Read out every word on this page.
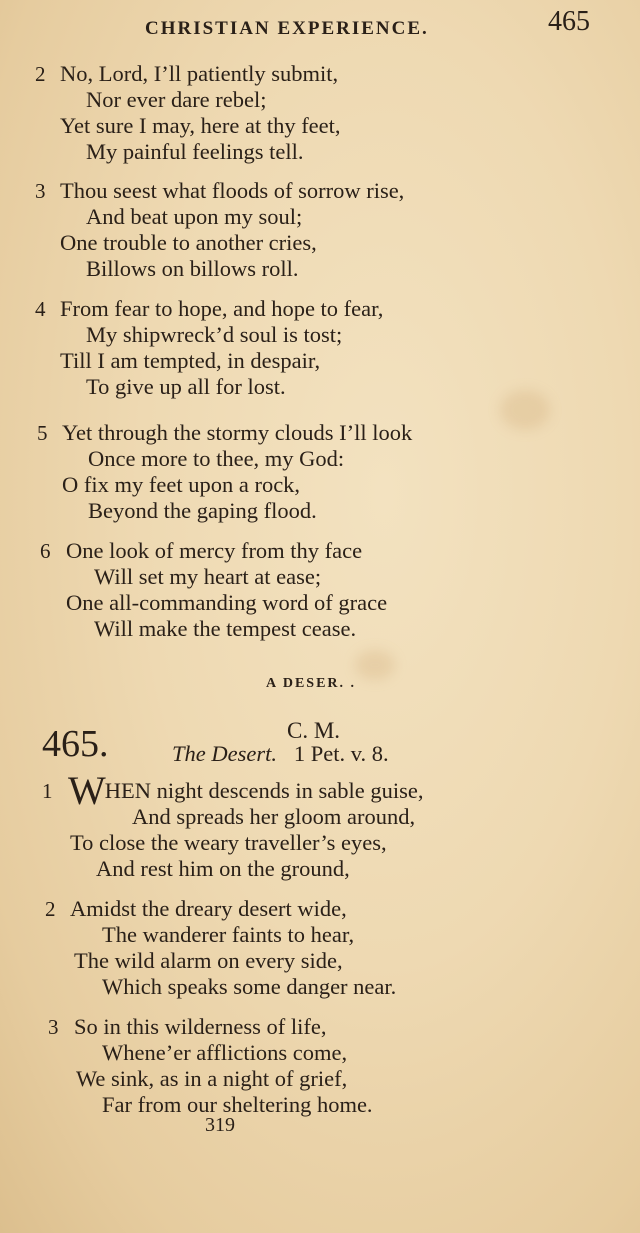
CHRISTIAN EXPERIENCE.	465
2 No, Lord, I’ll patiently submit,
Nor ever dare rebel;
Yet sure I may, here at thy feet,
My painful feelings tell.
3 Thou seest what floods of sorrow rise,
And beat upon my soul;
One trouble to another cries,
Billows on billows roll.
4 From fear to hope, and hope to fear,
My shipwreck’d soul is tost;
Till I am tempted, in despair,
To give up all for lost.
5 Yet through the stormy clouds I’ll look
Once more to thee, my God:
O fix my feet upon a rock,
Beyond the gaping flood.
6 One look of mercy from thy face
Will set my heart at ease;
One all-commanding word of grace
Will make the tempest cease.
A DESER. .
465.	C. M.
The Desert. 1 Pet. v. 8.
1 WHEN night descends in sable guise,
And spreads her gloom around,
To close the weary traveller’s eyes,
And rest him on the ground,
2 Amidst the dreary desert wide,
The wanderer faints to hear,
The wild alarm on every side,
Which speaks some danger near.
3 So in this wilderness of life,
Whene’er afflictions come,
We sink, as in a night of grief,
Far from our sheltering home.
319
